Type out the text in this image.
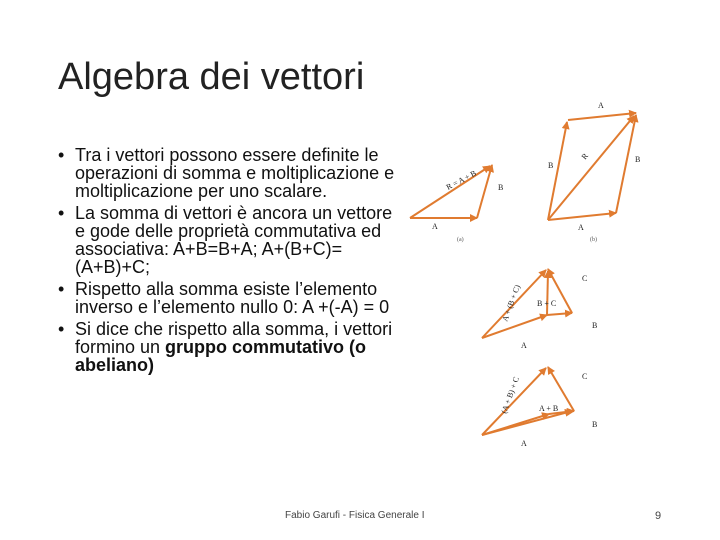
Algebra dei vettori
• Tra i vettori possono essere definite le operazioni di somma e moltiplicazione e moltiplicazione per uno scalare.
• La somma di vettori è ancora un vettore e gode delle proprietà commutativa ed associativa: A+B=B+A; A+(B+C)=(A+B)+C;
• Rispetto alla somma esiste l’elemento inverso e l’elemento nullo 0: A +(-A) = 0
• Si dice che rispetto alla somma, i vettori formino un gruppo commutativo (o abeliano)
A
B
R = A + B
(a)
A
B
B
R
A
(b)
C
B + C
B
A
A + (B + C)
C
A + B
B
A
(A + B) + C
Fabio Garufi - Fisica Generale I	9
